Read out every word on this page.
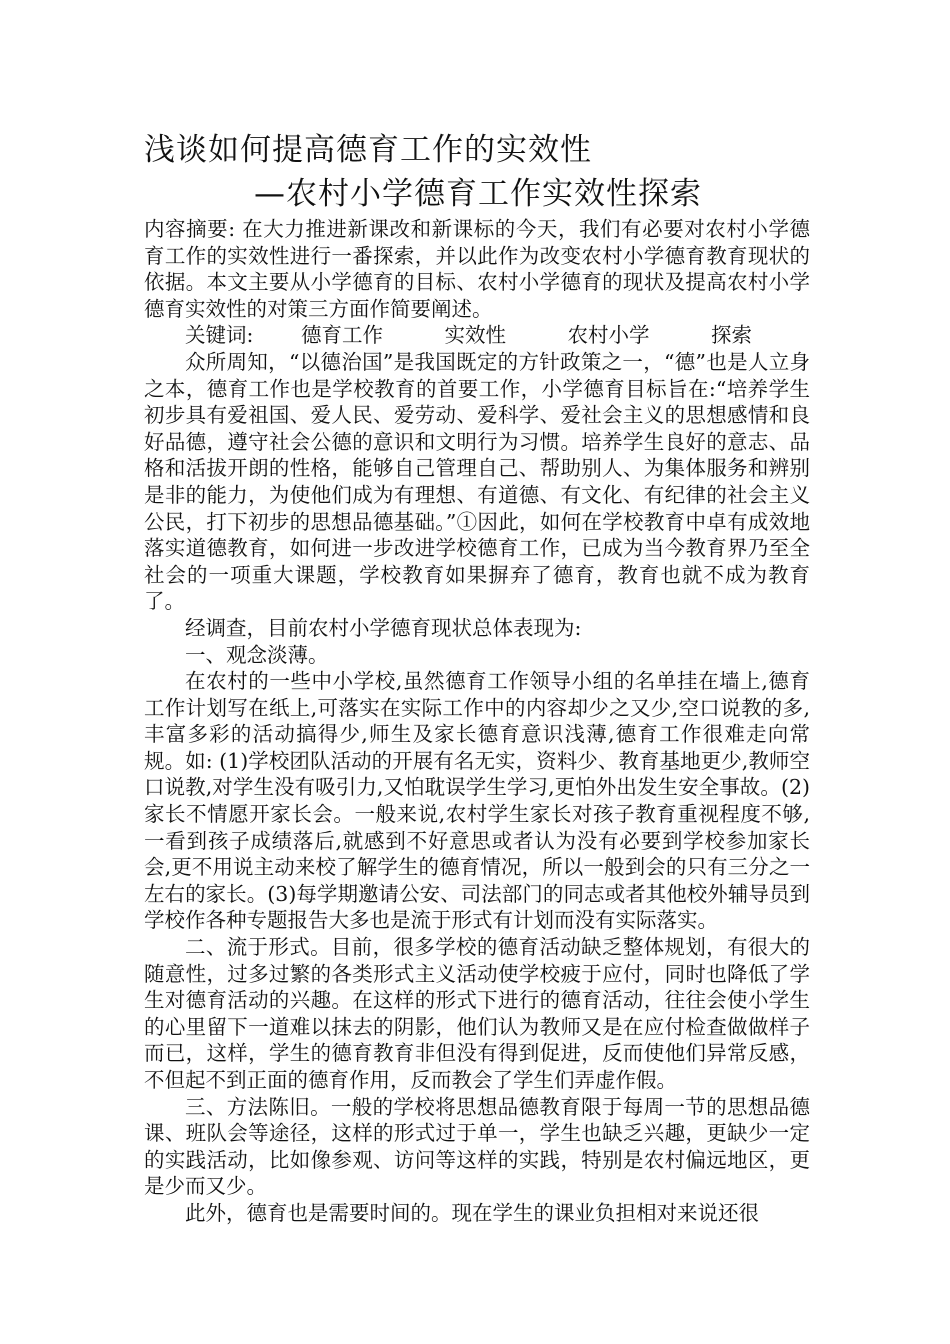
浅谈如何提高德育工作的实效性
—农村小学德育工作实效性探索

内容摘要: 在大力推进新课改和新课标的今天，我们有必要对农村小学德育工作的实效性进行一番探索，并以此作为改变农村小学德育教育现状的依据。本文主要从小学德育的目标、农村小学德育的现状及提高农村小学德育实效性的对策三方面作简要阐述。

关键词: 德育工作	实效性	农村小学	探索

众所周知，“以德治国”是我国既定的方针政策之一，“德”也是人立身之本，德育工作也是学校教育的首要工作，小学德育目标旨在:“培养学生初步具有爱祖国、爱人民、爱劳动、爱科学、爱社会主义的思想感情和良好品德，遵守社会公德的意识和文明行为习惯。培养学生良好的意志、品格和活拔开朗的性格，能够自己管理自己、帮助别人、为集体服务和辨别是非的能力，为使他们成为有理想、有道德、有文化、有纪律的社会主义公民，打下初步的思想品德基础。”①因此，如何在学校教育中卓有成效地落实道德教育，如何进一步改进学校德育工作，已成为当今教育界乃至全社会的一项重大课题，学校教育如果摒弃了德育，教育也就不成为教育了。

经调查，目前农村小学德育现状总体表现为:

一、观念淡薄。

在农村的一些中小学校,虽然德育工作领导小组的名单挂在墙上,德育工作计划写在纸上,可落实在实际工作中的内容却少之又少,空口说教的多,丰富多彩的活动搞得少,师生及家长德育意识浅薄,德育工作很难走向常规。如: (1)学校团队活动的开展有名无实，资料少、教育基地更少,教师空口说教,对学生没有吸引力,又怕耽误学生学习,更怕外出发生安全事故。(2)家长不情愿开家长会。一般来说,农村学生家长对孩子教育重视程度不够,一看到孩子成绩落后,就感到不好意思或者认为没有必要到学校参加家长会,更不用说主动来校了解学生的德育情况，所以一般到会的只有三分之一左右的家长。(3)每学期邀请公安、司法部门的同志或者其他校外辅导员到学校作各种专题报告大多也是流于形式有计划而没有实际落实。

二、流于形式。目前，很多学校的德育活动缺乏整体规划，有很大的随意性，过多过繁的各类形式主义活动使学校疲于应付，同时也降低了学生对德育活动的兴趣。在这样的形式下进行的德育活动，往往会使小学生的心里留下一道难以抹去的阴影，他们认为教师又是在应付检查做做样子而已，这样，学生的德育教育非但没有得到促进，反而使他们异常反感，不但起不到正面的德育作用，反而教会了学生们弄虚作假。

三、方法陈旧。一般的学校将思想品德教育限于每周一节的思想品德课、班队会等途径，这样的形式过于单一，学生也缺乏兴趣，更缺少一定的实践活动，比如像参观、访问等这样的实践，特别是农村偏远地区，更是少而又少。

此外，德育也是需要时间的。现在学生的课业负担相对来说还很
